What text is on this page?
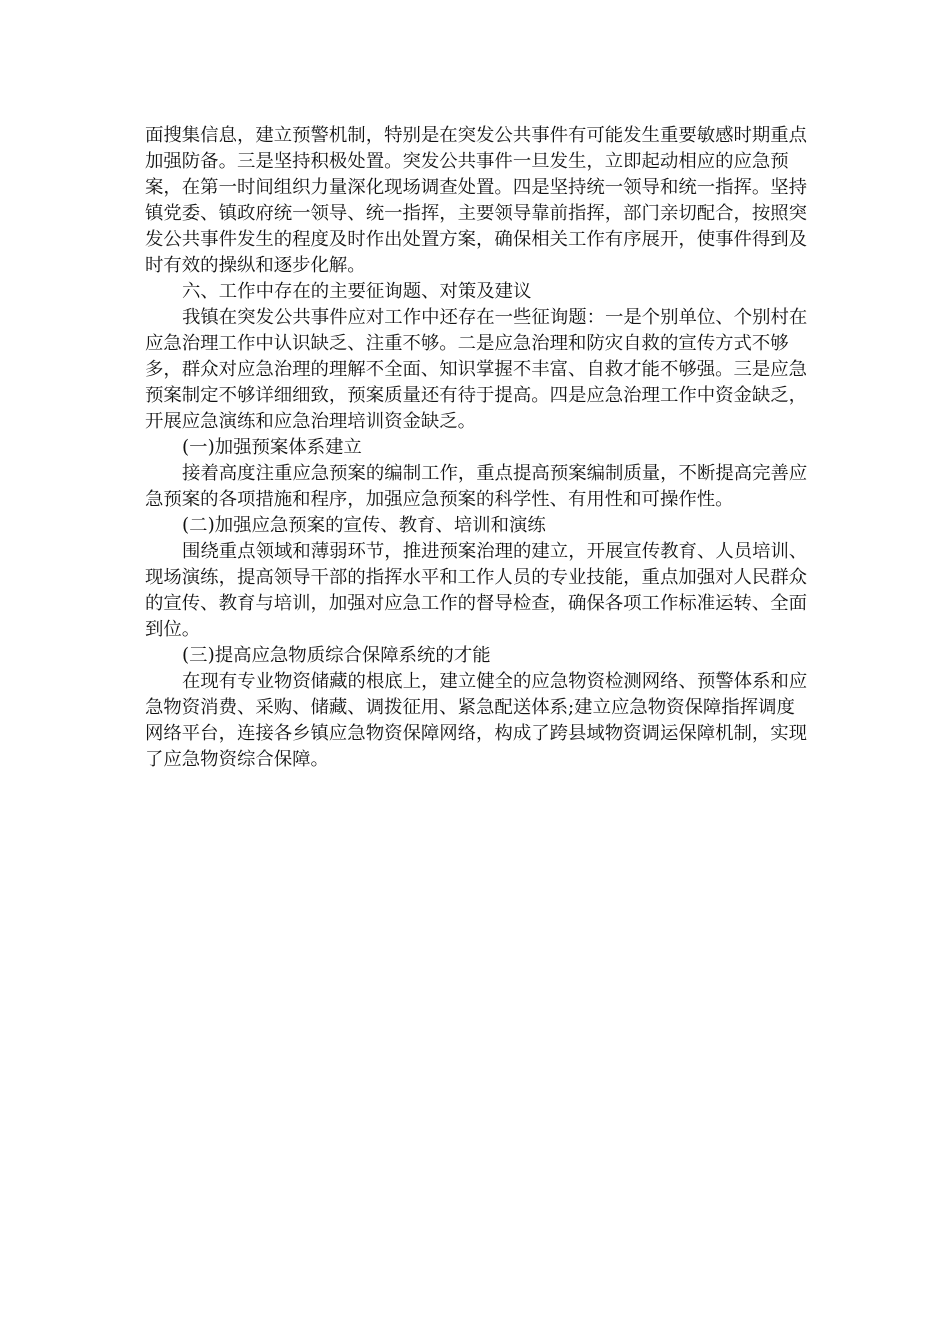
面搜集信息，建立预警机制，特别是在突发公共事件有可能发生重要敏感时期重点加强防备。三是坚持积极处置。突发公共事件一旦发生，立即起动相应的应急预案，在第一时间组织力量深化现场调查处置。四是坚持统一领导和统一指挥。坚持镇党委、镇政府统一领导、统一指挥，主要领导靠前指挥，部门亲切配合，按照突发公共事件发生的程度及时作出处置方案，确保相关工作有序展开，使事件得到及时有效的操纵和逐步化解。

六、工作中存在的主要征询题、对策及建议

我镇在突发公共事件应对工作中还存在一些征询题：一是个别单位、个别村在应急治理工作中认识缺乏、注重不够。二是应急治理和防灾自救的宣传方式不够多，群众对应急治理的理解不全面、知识掌握不丰富、自救才能不够强。三是应急预案制定不够详细细致，预案质量还有待于提高。四是应急治理工作中资金缺乏，开展应急演练和应急治理培训资金缺乏。

(一)加强预案体系建立

接着高度注重应急预案的编制工作，重点提高预案编制质量，不断提高完善应急预案的各项措施和程序，加强应急预案的科学性、有用性和可操作性。

(二)加强应急预案的宣传、教育、培训和演练

围绕重点领域和薄弱环节，推进预案治理的建立，开展宣传教育、人员培训、现场演练，提高领导干部的指挥水平和工作人员的专业技能，重点加强对人民群众的宣传、教育与培训，加强对应急工作的督导检查，确保各项工作标准运转、全面到位。

(三)提高应急物质综合保障系统的才能

在现有专业物资储藏的根底上，建立健全的应急物资检测网络、预警体系和应急物资消费、采购、储藏、调拨征用、紧急配送体系;建立应急物资保障指挥调度网络平台，连接各乡镇应急物资保障网络，构成了跨县域物资调运保障机制，实现了应急物资综合保障。
